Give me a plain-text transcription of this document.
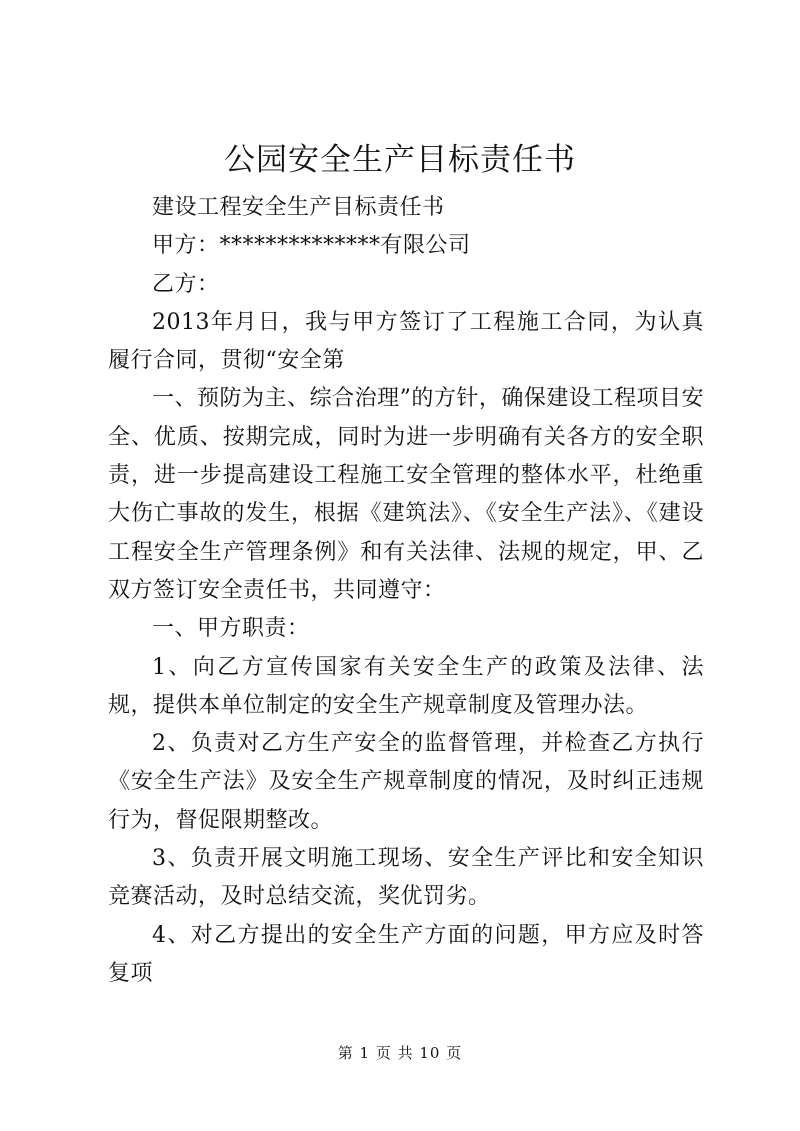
公园安全生产目标责任书

建设工程安全生产目标责任书

甲方：**************有限公司

乙方：

2013年月日，我与甲方签订了工程施工合同，为认真履行合同，贯彻“安全第

一、预防为主、综合治理”的方针，确保建设工程项目安全、优质、按期完成，同时为进一步明确有关各方的安全职责，进一步提高建设工程施工安全管理的整体水平，杜绝重大伤亡事故的发生，根据《建筑法》、《安全生产法》、《建设工程安全生产管理条例》和有关法律、法规的规定，甲、乙双方签订安全责任书，共同遵守：

一、甲方职责：

1、向乙方宣传国家有关安全生产的政策及法律、法规，提供本单位制定的安全生产规章制度及管理办法。

2、负责对乙方生产安全的监督管理，并检查乙方执行《安全生产法》及安全生产规章制度的情况，及时纠正违规行为，督促限期整改。

3、负责开展文明施工现场、安全生产评比和安全知识竞赛活动，及时总结交流，奖优罚劣。

4、对乙方提出的安全生产方面的问题，甲方应及时答复项

第 1 页 共 10 页
